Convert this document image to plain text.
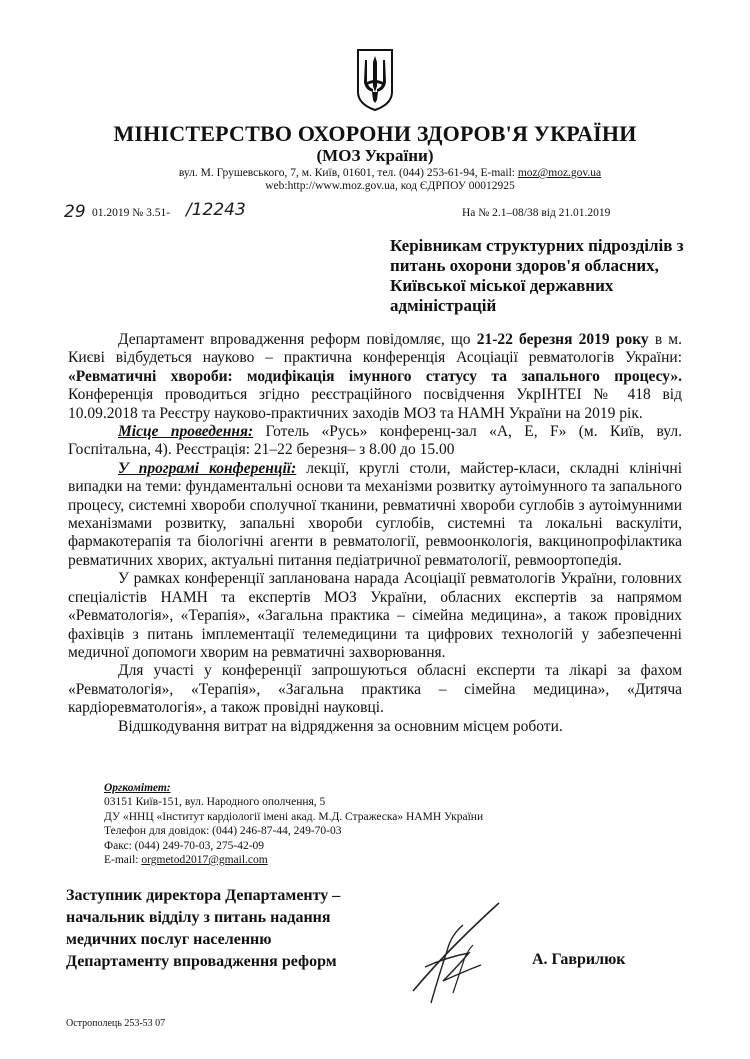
МІНІСТЕРСТВО ОХОРОНИ ЗДОРОВ'Я УКРАЇНИ
(МОЗ України)
вул. М. Грушевського, 7, м. Київ, 01601, тел. (044) 253-61-94, E-mail: moz@moz.gov.ua
web:http://www.moz.gov.ua, код ЄДРПОУ 00012925
29 01.2019 № 3.51- /12243	На № 2.1–08/38 від 21.01.2019
Керівникам структурних підрозділів з питань охорони здоров'я обласних, Київської міської державних адміністрацій

Департамент впровадження реформ повідомляє, що 21-22 березня 2019 року в м. Києві відбудеться науково – практична конференція Асоціації ревматологів України: «Ревматичні хвороби: модифікація імунного статусу та запального процесу». Конференція проводиться згідно реєстраційного посвідчення УкрІНТЕІ № 418 від 10.09.2018 та Реєстру науково-практичних заходів МОЗ та НАМН України на 2019 рік.

Місце проведення: Готель «Русь» конференц-зал «А, Е, F» (м. Київ, вул. Госпітальна, 4). Реєстрація: 21–22 березня– з 8.00 до 15.00

У програмі конференції: лекції, круглі столи, майстер-класи, складні клінічні випадки на теми: фундаментальні основи та механізми розвитку аутоімунного та запального процесу, системні хвороби сполучної тканини, ревматичні хвороби суглобів з аутоімунними механізмами розвитку, запальні хвороби суглобів, системні та локальні васкуліти, фармакотерапія та біологічні агенти в ревматології, ревмоонкологія, вакцинопрофілактика ревматичних хворих, актуальні питання педіатричної ревматології, ревмоортопедія.

У рамках конференції запланована нарада Асоціації ревматологів України, головних спеціалістів НАМН та експертів МОЗ України, обласних експертів за напрямом «Ревматологія», «Терапія», «Загальна практика – сімейна медицина», а також провідних фахівців з питань імплементації телемедицини та цифрових технологій у забезпеченні медичної допомоги хворим на ревматичні захворювання.

Для участі у конференції запрошуються обласні експерти та лікарі за фахом «Ревматологія», «Терапія», «Загальна практика – сімейна медицина», «Дитяча кардіоревматологія», а також провідні науковці.

Відшкодування витрат на відрядження за основним місцем роботи.

Оргкомітет:
03151 Київ-151, вул. Народного ополчення, 5
ДУ «ННЦ «Інститут кардіології імені акад. М.Д. Стражеска» НАМН України
Телефон для довідок: (044) 246-87-44, 249-70-03
Факс: (044) 249-70-03, 275-42-09
E-mail: orgmetod2017@gmail.com
Заступник директора Департаменту –
начальник відділу з питань надання
медичних послуг населенню
Департаменту впровадження реформ	А. Гаврилюк
Остропoлець 253-53 07
